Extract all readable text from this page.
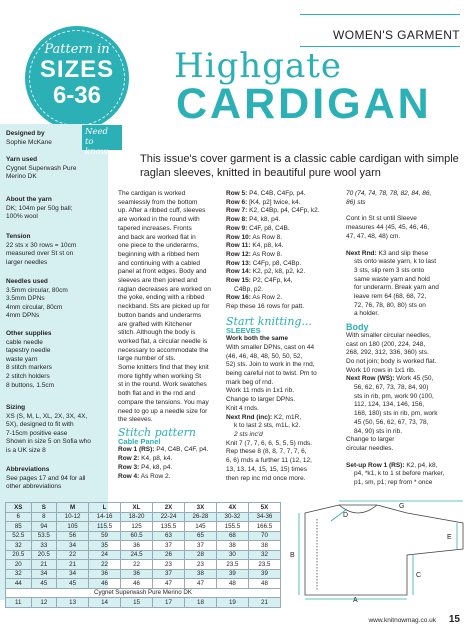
WOMEN'S GARMENT
Pattern in
SIZES
6-36
Highgate
CARDIGAN
Need to know...
Designed by
Sophie McKane
Yarn used
Cygnet Superwash Pure
Merino DK
About the yarn
DK; 104m per 50g ball;
100% wool
Tension
22 sts x 30 rows = 10cm
measured over St st on
larger needles
Needles used
3.5mm circular, 80cm
3.5mm DPNs
4mm circular, 80cm
4mm DPNs
Other supplies
cable needle
tapestry needle
waste yarn
8 stitch markers
2 stitch holders
8 buttons, 1.5cm
Sizing
XS (S, M, L, XL, 2X, 3X, 4X,
5X), designed to fit with
7-15cm positive ease
Shown in size 5 on Sofia who
is a UK size 8
Abbreviations
See pages 17 and 94 for all
other abbreviations
This issue's cover garment is a classic cable cardigan with simple raglan sleeves, knitted in beautiful pure wool yarn

The cardigan is worked

seamlessly from the bottom

up. After a ribbed cuff, sleeves

are worked in the round with

tapered increases. Fronts

and back are worked flat in

one piece to the underarms,

beginning with a ribbed hem

and continuing with a cabled

panel at front edges. Body and

sleeves are then joined and

raglan decreases are worked on

the yoke, ending with a ribbed

neckband. Sts are picked up for

button bands and underarms

are grafted with Kitchener

stitch. Although the body is

worked flat, a circular needle is

necessary to accommodate the

large number of sts.

Some knitters find that they knit

more tightly when working St

st in the round. Work swatches

both flat and in the rnd and

compare the tensions. You may

need to go up a needle size for

the sleeves.

Stitch pattern
Cable Panel

Row 1 (RS): P4, C4B, C4F, p4.

Row 2: K4, p8, k4.

Row 3: P4, k8, p4.

Row 4: As Row 2.

Row 5: P4, C4B, C4Fp, p4.

Row 6: [K4, p2] twice, k4.

Row 7: K2, C4Bp, p4, C4Fp, k2.

Row 8: P4, k8, p4.

Row 9: C4F, p8, C4B.

Row 10: As Row 8.

Row 11: K4, p8, k4.

Row 12: As Row 8.

Row 13: C4Fp, p8, C4Bp.

Row 14: K2, p2, k8, p2, k2.

Row 15: P2, C4Fp, k4,

C4Bp, p2.

Row 16: As Row 2.

Rep these 16 rows for patt.

Start knitting...
SLEEVES

Work both the same

With smaller DPNs, cast on 44

(46, 46, 48, 48, 50, 50, 52,

52) sts. Join to work in the rnd,

being careful not to twist. Pm to

mark beg of rnd.

Work 11 rnds in 1x1 rib.

Change to larger DPNs.

Knit 4 rnds.

Next Rnd (inc): K2, m1R,

k to last 2 sts, m1L, k2.

2 sts inc'd

Knit 7 (7, 7, 6, 6, 5, 5, 5) rnds.

Rep these 8 (8, 8, 7, 7, 7, 6,

6, 6) rnds a further 11 (12, 12,

13, 13, 14, 15, 15, 15) times

then rep inc rnd once more.

70 (74, 74, 78, 78, 82, 84, 86,

86) sts

Cont in St st until Sleeve

measures 44 (45, 45, 46, 46,

47, 47, 48, 48) cm.

Next Rnd: K3 and slip these

sts onto waste yarn, k to last

3 sts, slip rem 3 sts onto

same waste yarn and hold

for underarm. Break yarn and

leave rem 64 (68, 68, 72,

72, 76, 78, 80, 80) sts on

a holder.

Body

With smaller circular needles,

cast on 180 (200, 224, 248,

268, 292, 312, 336, 360) sts.

Do not join; body is worked flat.

Work 10 rows in 1x1 rib.

Next Row (WS): Work 45 (50,

56, 62, 67, 73, 78, 84, 90)

sts in rib, pm, work 90 (100,

112, 124, 134, 146, 156,

168, 180) sts in rib, pm, work

45 (50, 56, 62, 67, 73, 78,

84, 90) sts in rib.

Change to larger

circular needles.

Set-up Row 1 (RS): K2, p4, k8,

p4, *k1, k to 1 st before marker,

p1, sm, p1; rep from * once

XS	S	M	L	XL	2X	3X	4X	5X
6	8	10-12	14-16	18-20	22-24	26-28	30-32	34-36
85	94	105	115.5	125	135.5	145	155.5	166.5
52.5	53.5	56	59	60.5	63	65	68	70
32	33	34	35	36	37	37	38	38
20.5	20.5	22	24	24.5	26	28	30	32
20	21	21	22	22	23	23	23.5	23.5
32	34	34	36	36	37	38	39	39
44	45	45	46	46	47	47	48	48
Cygnet Superwash Pure Merino DK								
11	12	13	14	15	17	18	19	21
G
D
E
B
C
A
www.knitnowmag.co.uk 15
